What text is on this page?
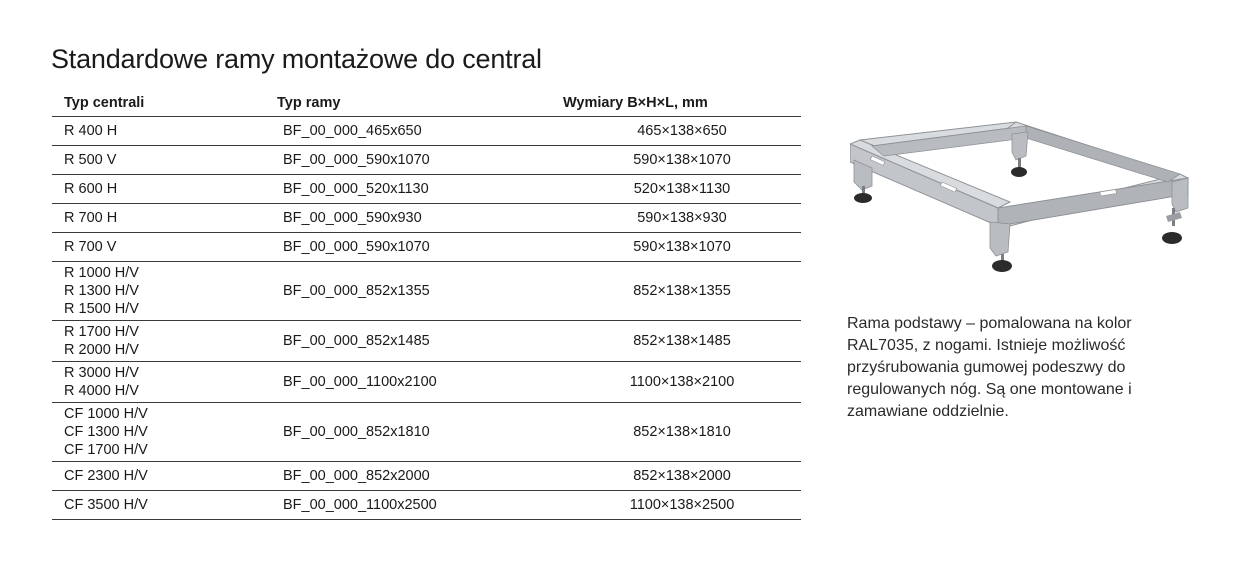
Standardowe ramy montażowe do central
Typ centrali	Typ ramy	Wymiary B×H×L, mm

R 400 H	BF_00_000_465x650	465×138×650

R 500 V	BF_00_000_590x1070	590×138×1070

R 600 H	BF_00_000_520x1130	520×138×1130

R 700 H	BF_00_000_590x930	590×138×930

R 700 V	BF_00_000_590x1070	590×138×1070

R 1000 H/V
R 1300 H/V
R 1500 H/V	BF_00_000_852x1355	852×138×1355

R 1700 H/V
R 2000 H/V	BF_00_000_852x1485	852×138×1485

R 3000 H/V
R 4000 H/V	BF_00_000_1100x2100	1100×138×2100

CF 1000 H/V
CF 1300 H/V
CF 1700 H/V	BF_00_000_852x1810	852×138×1810

CF 2300 H/V	BF_00_000_852x2000	852×138×2000

CF 3500 H/V	BF_00_000_1100x2500	1100×138×2500
Rama podstawy – pomalowana na kolor RAL7035, z nogami. Istnieje możliwość przyśrubowania gumowej podeszwy do regulowanych nóg. Są one montowane i zamawiane oddzielnie.
